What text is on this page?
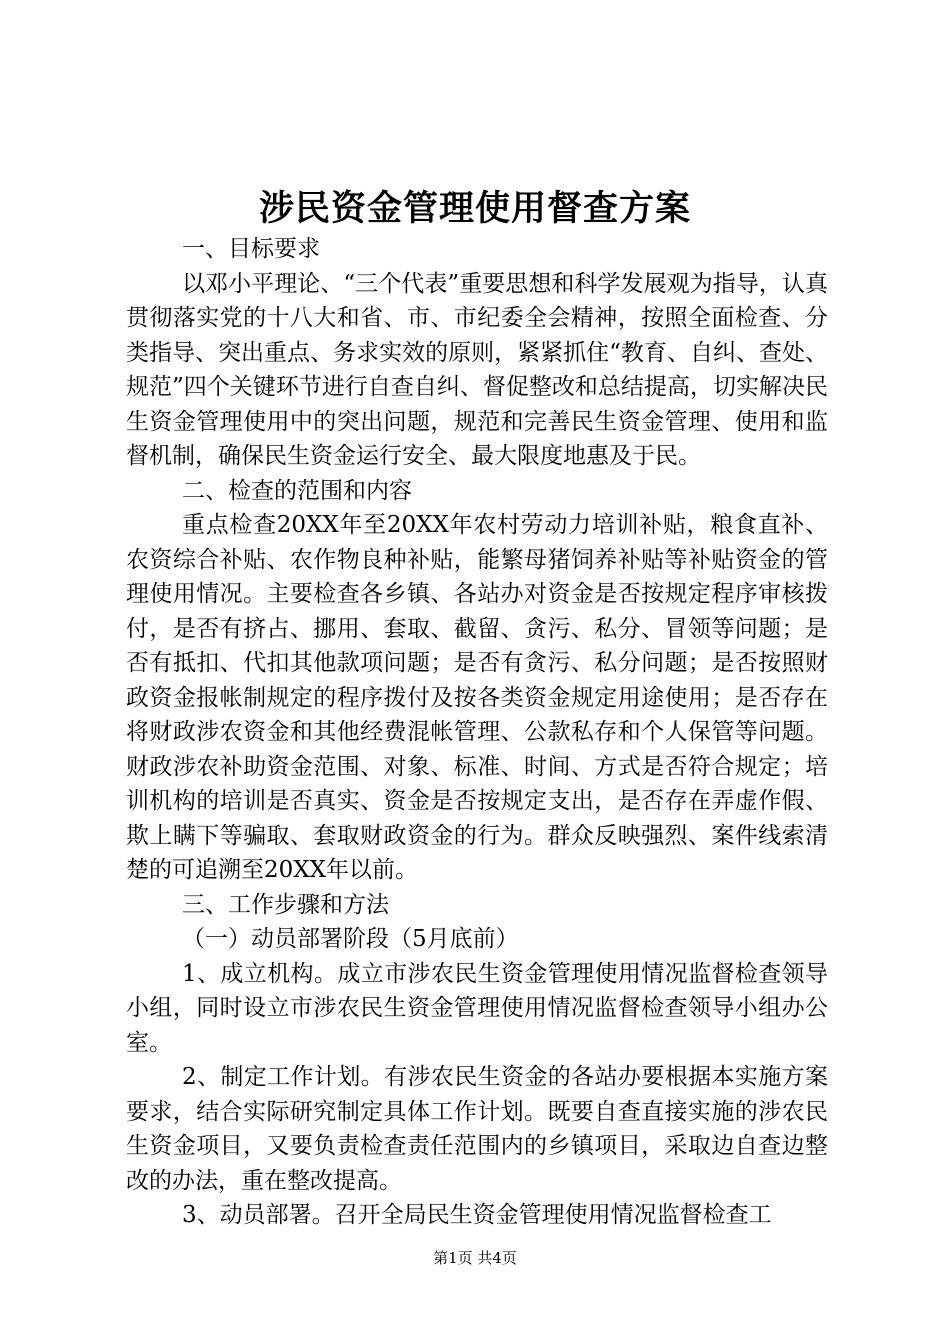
涉民资金管理使用督查方案

一、目标要求

以邓小平理论、“三个代表”重要思想和科学发展观为指导，认真贯彻落实党的十八大和省、市、市纪委全会精神，按照全面检查、分类指导、突出重点、务求实效的原则，紧紧抓住“教育、自纠、查处、规范”四个关键环节进行自查自纠、督促整改和总结提高，切实解决民生资金管理使用中的突出问题，规范和完善民生资金管理、使用和监督机制，确保民生资金运行安全、最大限度地惠及于民。

二、检查的范围和内容

重点检查20XX年至20XX年农村劳动力培训补贴，粮食直补、农资综合补贴、农作物良种补贴，能繁母猪饲养补贴等补贴资金的管理使用情况。主要检查各乡镇、各站办对资金是否按规定程序审核拨付，是否有挤占、挪用、套取、截留、贪污、私分、冒领等问题；是否有抵扣、代扣其他款项问题；是否有贪污、私分问题；是否按照财政资金报帐制规定的程序拨付及按各类资金规定用途使用；是否存在将财政涉农资金和其他经费混帐管理、公款私存和个人保管等问题。财政涉农补助资金范围、对象、标准、时间、方式是否符合规定；培训机构的培训是否真实、资金是否按规定支出，是否存在弄虚作假、欺上瞒下等骗取、套取财政资金的行为。群众反映强烈、案件线索清楚的可追溯至20XX年以前。

三、工作步骤和方法

（一）动员部署阶段（5月底前）

1、成立机构。成立市涉农民生资金管理使用情况监督检查领导小组，同时设立市涉农民生资金管理使用情况监督检查领导小组办公室。

2、制定工作计划。有涉农民生资金的各站办要根据本实施方案要求，结合实际研究制定具体工作计划。既要自查直接实施的涉农民生资金项目，又要负责检查责任范围内的乡镇项目，采取边自查边整改的办法，重在整改提高。

3、动员部署。召开全局民生资金管理使用情况监督检查工

第1页 共4页
